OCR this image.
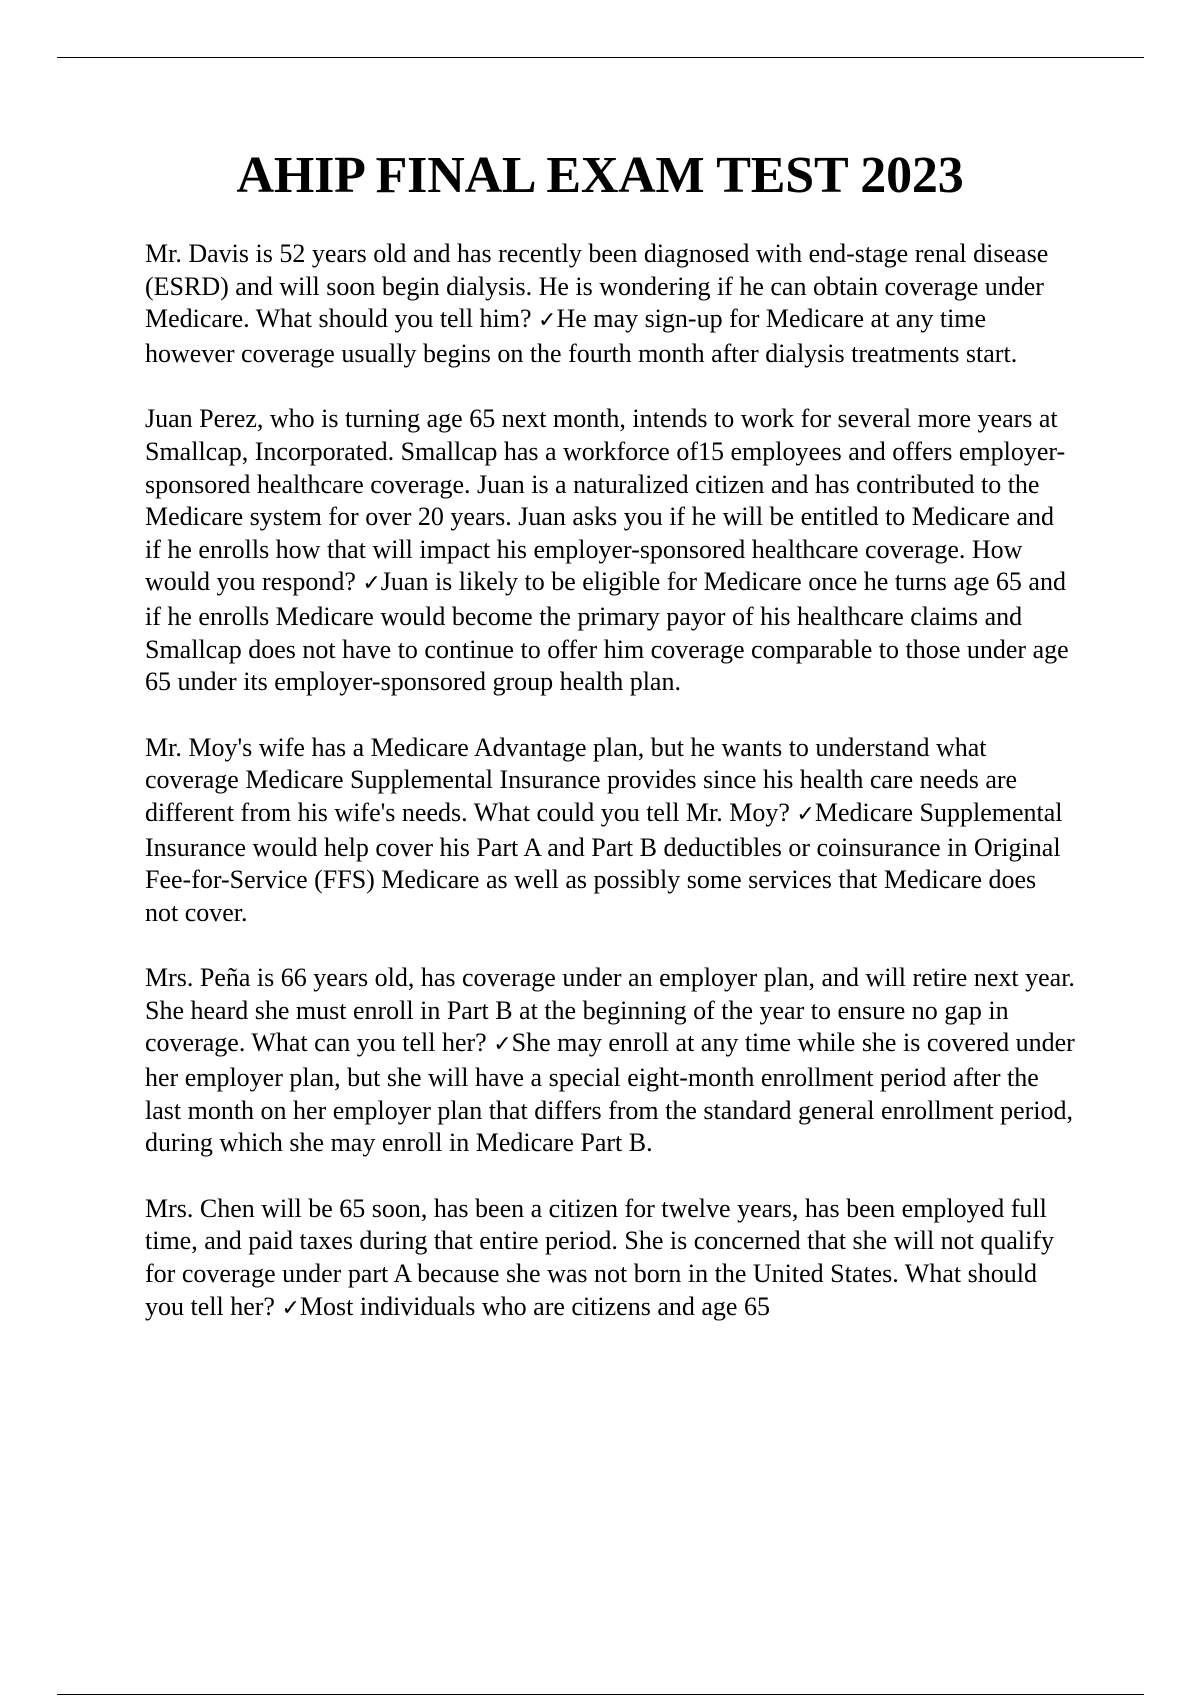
AHIP FINAL EXAM TEST 2023

Mr. Davis is 52 years old and has recently been diagnosed with end-stage renal disease (ESRD) and will soon begin dialysis. He is wondering if he can obtain coverage under Medicare. What should you tell him? ✓He may sign-up for Medicare at any time however coverage usually begins on the fourth month after dialysis treatments start.

Juan Perez, who is turning age 65 next month, intends to work for several more years at Smallcap, Incorporated. Smallcap has a workforce of15 employees and offers employer-sponsored healthcare coverage. Juan is a naturalized citizen and has contributed to the Medicare system for over 20 years. Juan asks you if he will be entitled to Medicare and if he enrolls how that will impact his employer-sponsored healthcare coverage. How would you respond? ✓Juan is likely to be eligible for Medicare once he turns age 65 and if he enrolls Medicare would become the primary payor of his healthcare claims and Smallcap does not have to continue to offer him coverage comparable to those under age 65 under its employer-sponsored group health plan.

Mr. Moy's wife has a Medicare Advantage plan, but he wants to understand what coverage Medicare Supplemental Insurance provides since his health care needs are different from his wife's needs. What could you tell Mr. Moy? ✓Medicare Supplemental Insurance would help cover his Part A and Part B deductibles or coinsurance in Original Fee-for-Service (FFS) Medicare as well as possibly some services that Medicare does not cover.

Mrs. Peña is 66 years old, has coverage under an employer plan, and will retire next year. She heard she must enroll in Part B at the beginning of the year to ensure no gap in coverage. What can you tell her? ✓She may enroll at any time while she is covered under her employer plan, but she will have a special eight-month enrollment period after the last month on her employer plan that differs from the standard general enrollment period, during which she may enroll in Medicare Part B.

Mrs. Chen will be 65 soon, has been a citizen for twelve years, has been employed full time, and paid taxes during that entire period. She is concerned that she will not qualify for coverage under part A because she was not born in the United States. What should you tell her? ✓Most individuals who are citizens and age 65
